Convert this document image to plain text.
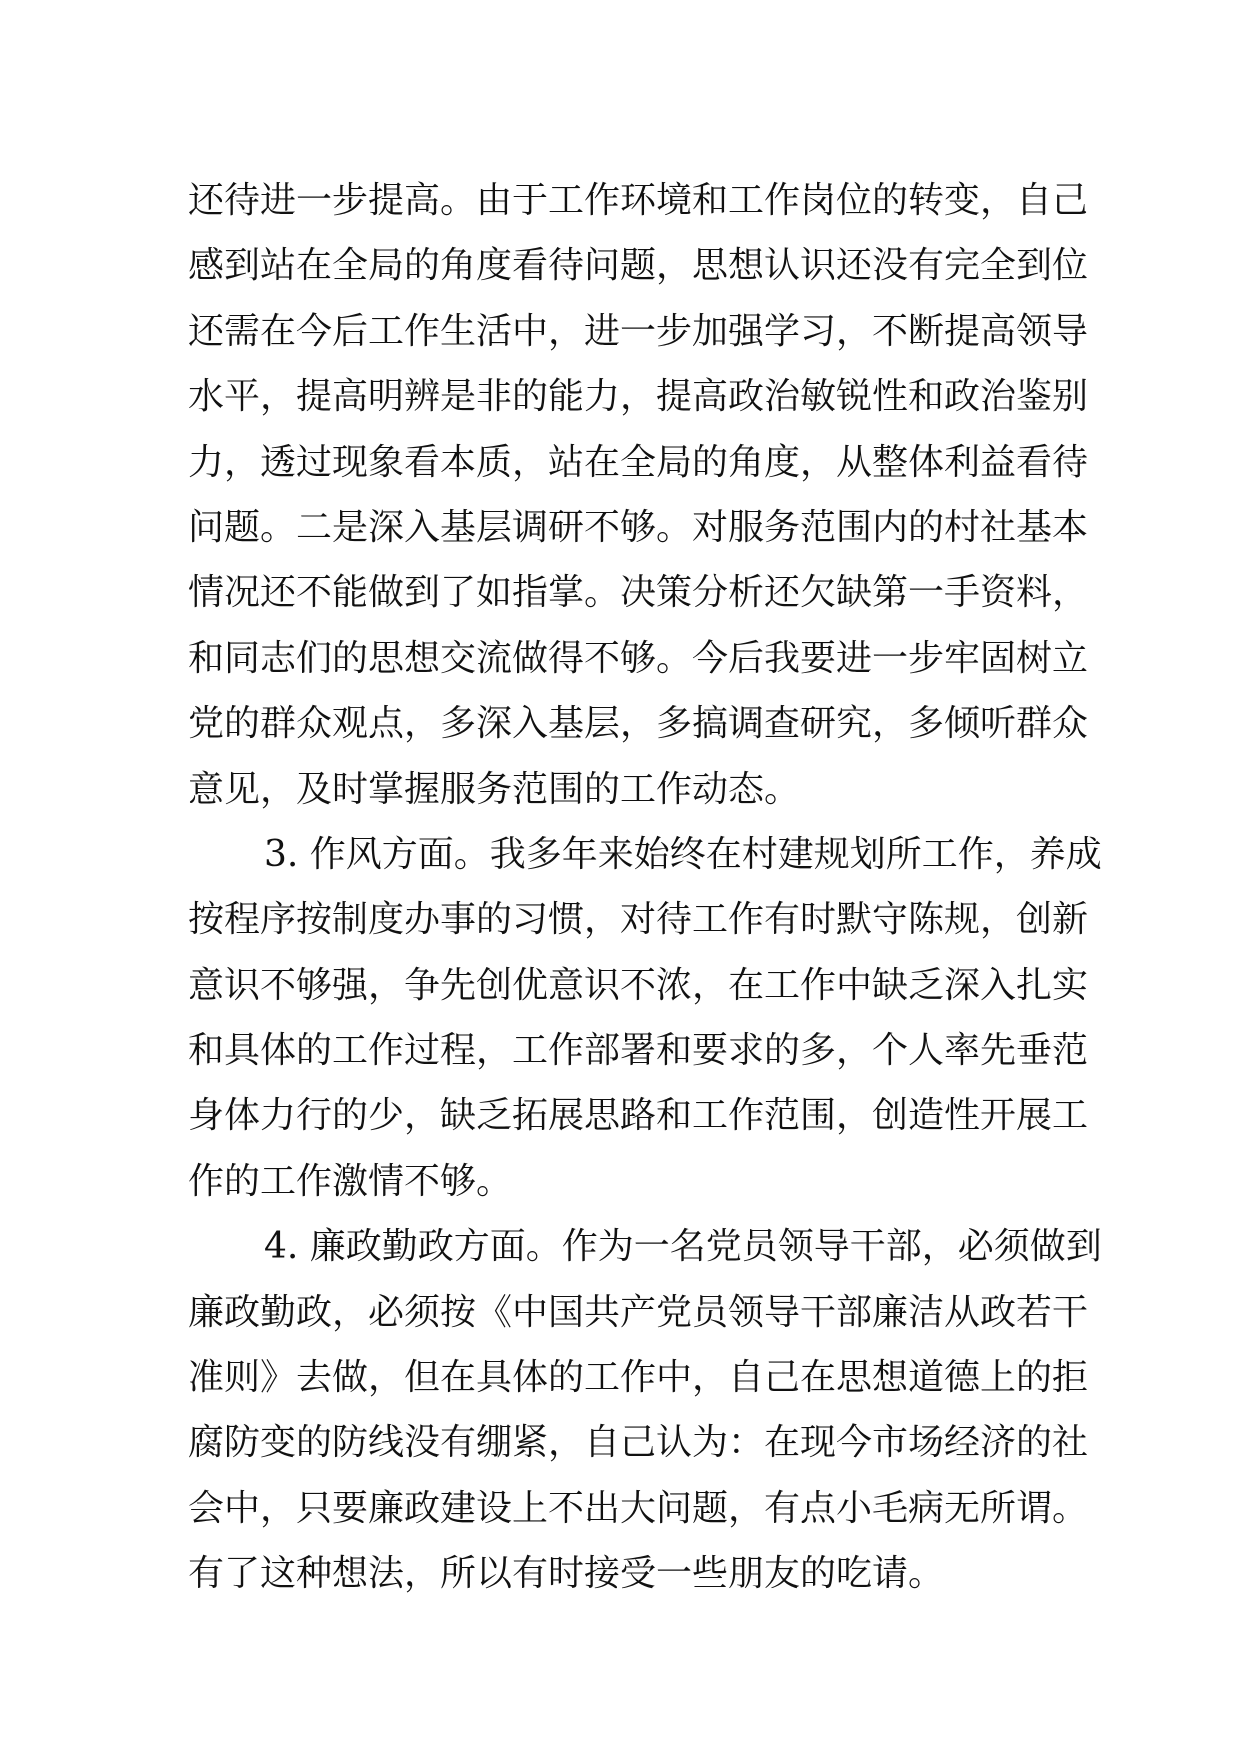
还待进一步提高。由于工作环境和工作岗位的转变，自己

感到站在全局的角度看待问题，思想认识还没有完全到位

还需在今后工作生活中，进一步加强学习，不断提高领导

水平，提高明辨是非的能力，提高政治敏锐性和政治鉴别

力，透过现象看本质，站在全局的角度，从整体利益看待

问题。二是深入基层调研不够。对服务范围内的村社基本

情况还不能做到了如指掌。决策分析还欠缺第一手资料，

和同志们的思想交流做得不够。今后我要进一步牢固树立

党的群众观点，多深入基层，多搞调查研究，多倾听群众

意见，及时掌握服务范围的工作动态。

3. 作风方面。我多年来始终在村建规划所工作，养成

按程序按制度办事的习惯，对待工作有时默守陈规，创新

意识不够强，争先创优意识不浓，在工作中缺乏深入扎实

和具体的工作过程，工作部署和要求的多，个人率先垂范

身体力行的少，缺乏拓展思路和工作范围，创造性开展工

作的工作激情不够。

4. 廉政勤政方面。作为一名党员领导干部，必须做到

廉政勤政，必须按《中国共产党员领导干部廉洁从政若干

准则》去做，但在具体的工作中，自己在思想道德上的拒

腐防变的防线没有绷紧，自己认为：在现今市场经济的社

会中，只要廉政建设上不出大问题，有点小毛病无所谓。

有了这种想法，所以有时接受一些朋友的吃请。
